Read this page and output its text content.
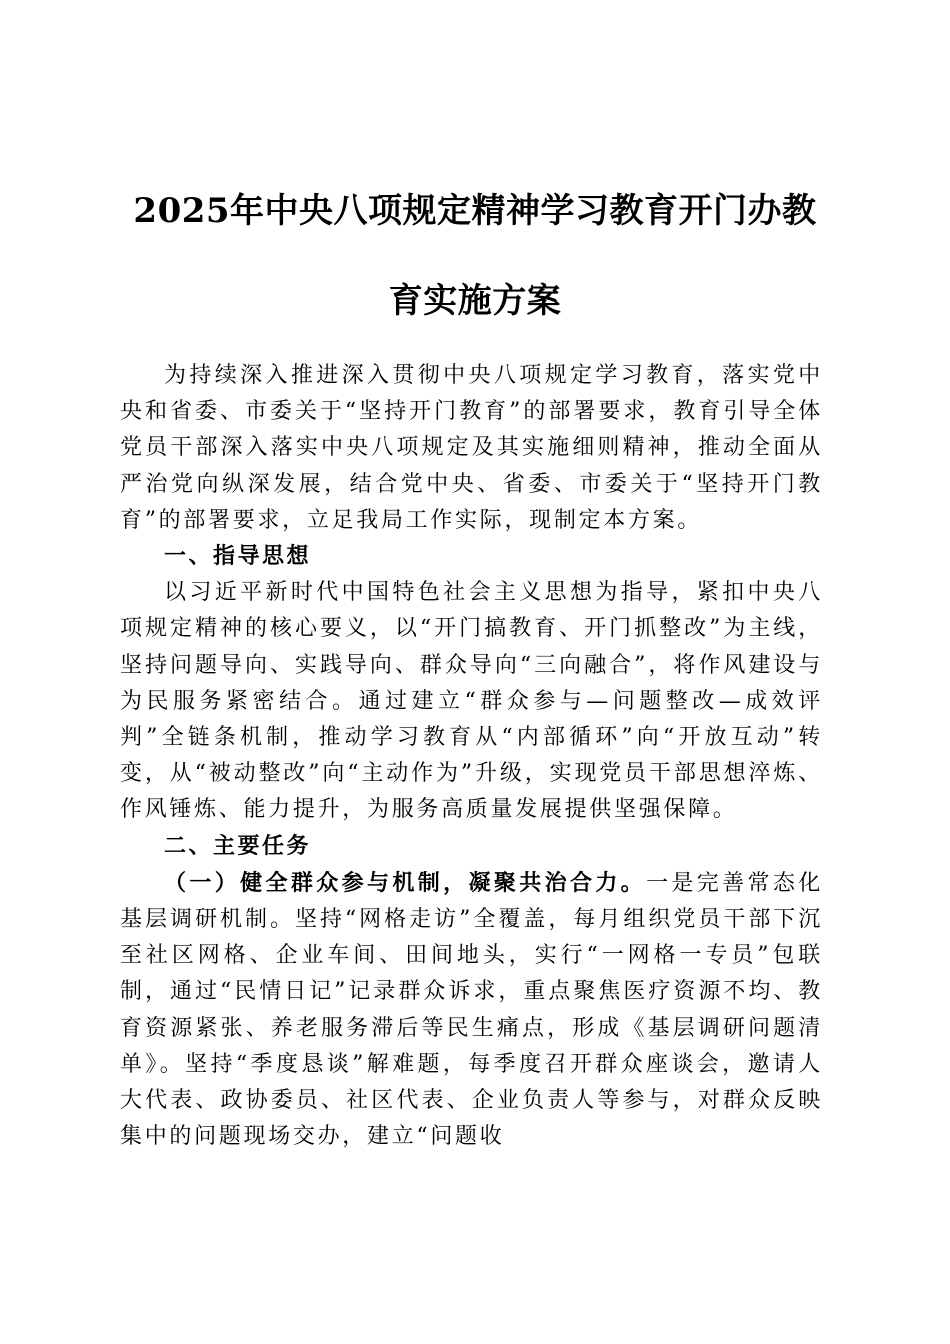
2025年中央八项规定精神学习教育开门办教育实施方案

为持续深入推进深入贯彻中央八项规定学习教育，落实党中央和省委、市委关于“坚持开门教育”的部署要求，教育引导全体党员干部深入落实中央八项规定及其实施细则精神，推动全面从严治党向纵深发展，结合党中央、省委、市委关于“坚持开门教育”的部署要求，立足我局工作实际，现制定本方案。

一、指导思想

以习近平新时代中国特色社会主义思想为指导，紧扣中央八项规定精神的核心要义，以“开门搞教育、开门抓整改”为主线，坚持问题导向、实践导向、群众导向“三向融合”，将作风建设与为民服务紧密结合。通过建立“群众参与—问题整改—成效评判”全链条机制，推动学习教育从“内部循环”向“开放互动”转变，从“被动整改”向“主动作为”升级，实现党员干部思想淬炼、作风锤炼、能力提升，为服务高质量发展提供坚强保障。

二、主要任务

（一）健全群众参与机制，凝聚共治合力。一是完善常态化基层调研机制。坚持“网格走访”全覆盖，每月组织党员干部下沉至社区网格、企业车间、田间地头，实行“一网格一专员”包联制，通过“民情日记”记录群众诉求，重点聚焦医疗资源不均、教育资源紧张、养老服务滞后等民生痛点，形成《基层调研问题清单》。坚持“季度恳谈”解难题，每季度召开群众座谈会，邀请人大代表、政协委员、社区代表、企业负责人等参与，对群众反映集中的问题现场交办，建立“问题收
